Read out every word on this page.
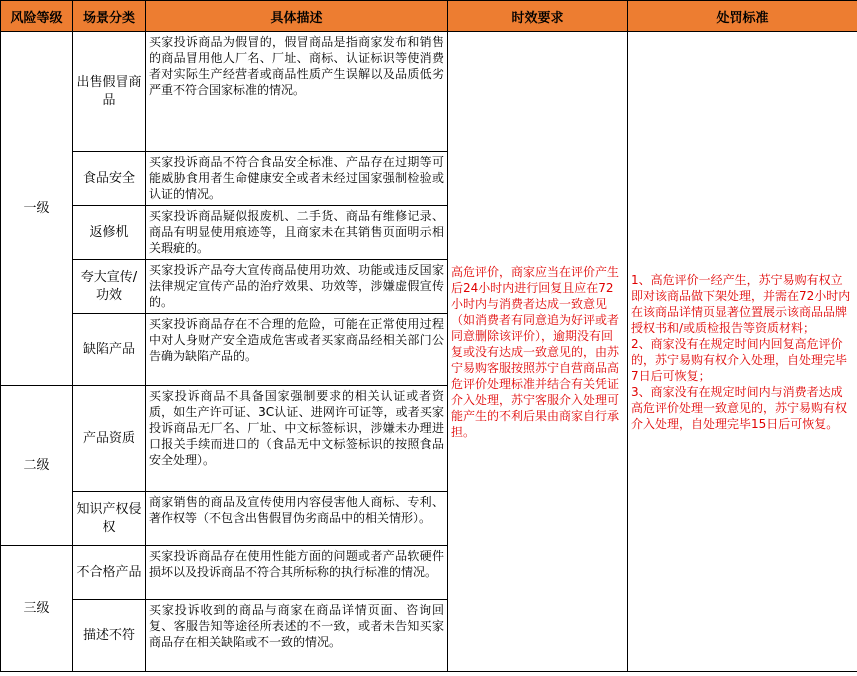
风险等级	场景分类	具体描述	时效要求	处罚标准
一级	出售假冒商品	买家投诉商品为假冒的，假冒商品是指商家发布和销售的商品冒用他人厂名、厂址、商标、认证标识等使消费者对实际生产经营者或商品性质产生误解以及品质低劣严重不符合国家标准的情况。	高危评价，商家应当在评价产生后24小时内进行回复且应在72小时内与消费者达成一致意见（如消费者有同意追为好评或者同意删除该评价），逾期没有回复或没有达成一致意见的，由苏宁易购客服按照苏宁自营商品高危评价处理标准并结合有关凭证介入处理，苏宁客服介入处理可能产生的不利后果由商家自行承担。	1、高危评价一经产生，苏宁易购有权立即对该商品做下架处理，并需在72小时内在该商品详情页显著位置展示该商品品牌授权书和/或质检报告等资质材料；
2、商家没有在规定时间内回复高危评价的，苏宁易购有权介入处理，自处理完毕7日后可恢复；
3、商家没有在规定时间内与消费者达成高危评价处理一致意见的，苏宁易购有权介入处理，自处理完毕15日后可恢复。

	食品安全	买家投诉商品不符合食品安全标准、产品存在过期等可能威胁食用者生命健康安全或者未经过国家强制检验或认证的情况。		
	返修机	买家投诉商品疑似报废机、二手货、商品有维修记录、商品有明显使用痕迹等，且商家未在其销售页面明示相关瑕疵的。		
	夸大宣传/功效	买家投诉产品夸大宣传商品使用功效、功能或违反国家法律规定宣传产品的治疗效果、功效等，涉嫌虚假宣传的。		
	缺陷产品	买家投诉商品存在不合理的危险，可能在正常使用过程中对人身财产安全造成危害或者买家商品经相关部门公告确为缺陷产品的。		
二级	产品资质	买家投诉商品不具备国家强制要求的相关认证或者资质，如生产许可证、3C认证、进网许可证等，或者买家投诉商品无厂名、厂址、中文标签标识，涉嫌未办理进口报关手续而进口的（食品无中文标签标识的按照食品安全处理）。		
	知识产权侵权	商家销售的商品及宣传使用内容侵害他人商标、专利、著作权等（不包含出售假冒伪劣商品中的相关情形）。		
三级	不合格产品	买家投诉商品存在使用性能方面的问题或者产品软硬件损坏以及投诉商品不符合其所标称的执行标准的情况。		
	描述不符	买家投诉收到的商品与商家在商品详情页面、咨询回复、客服告知等途径所表述的不一致，或者未告知买家商品存在相关缺陷或不一致的情况。		
